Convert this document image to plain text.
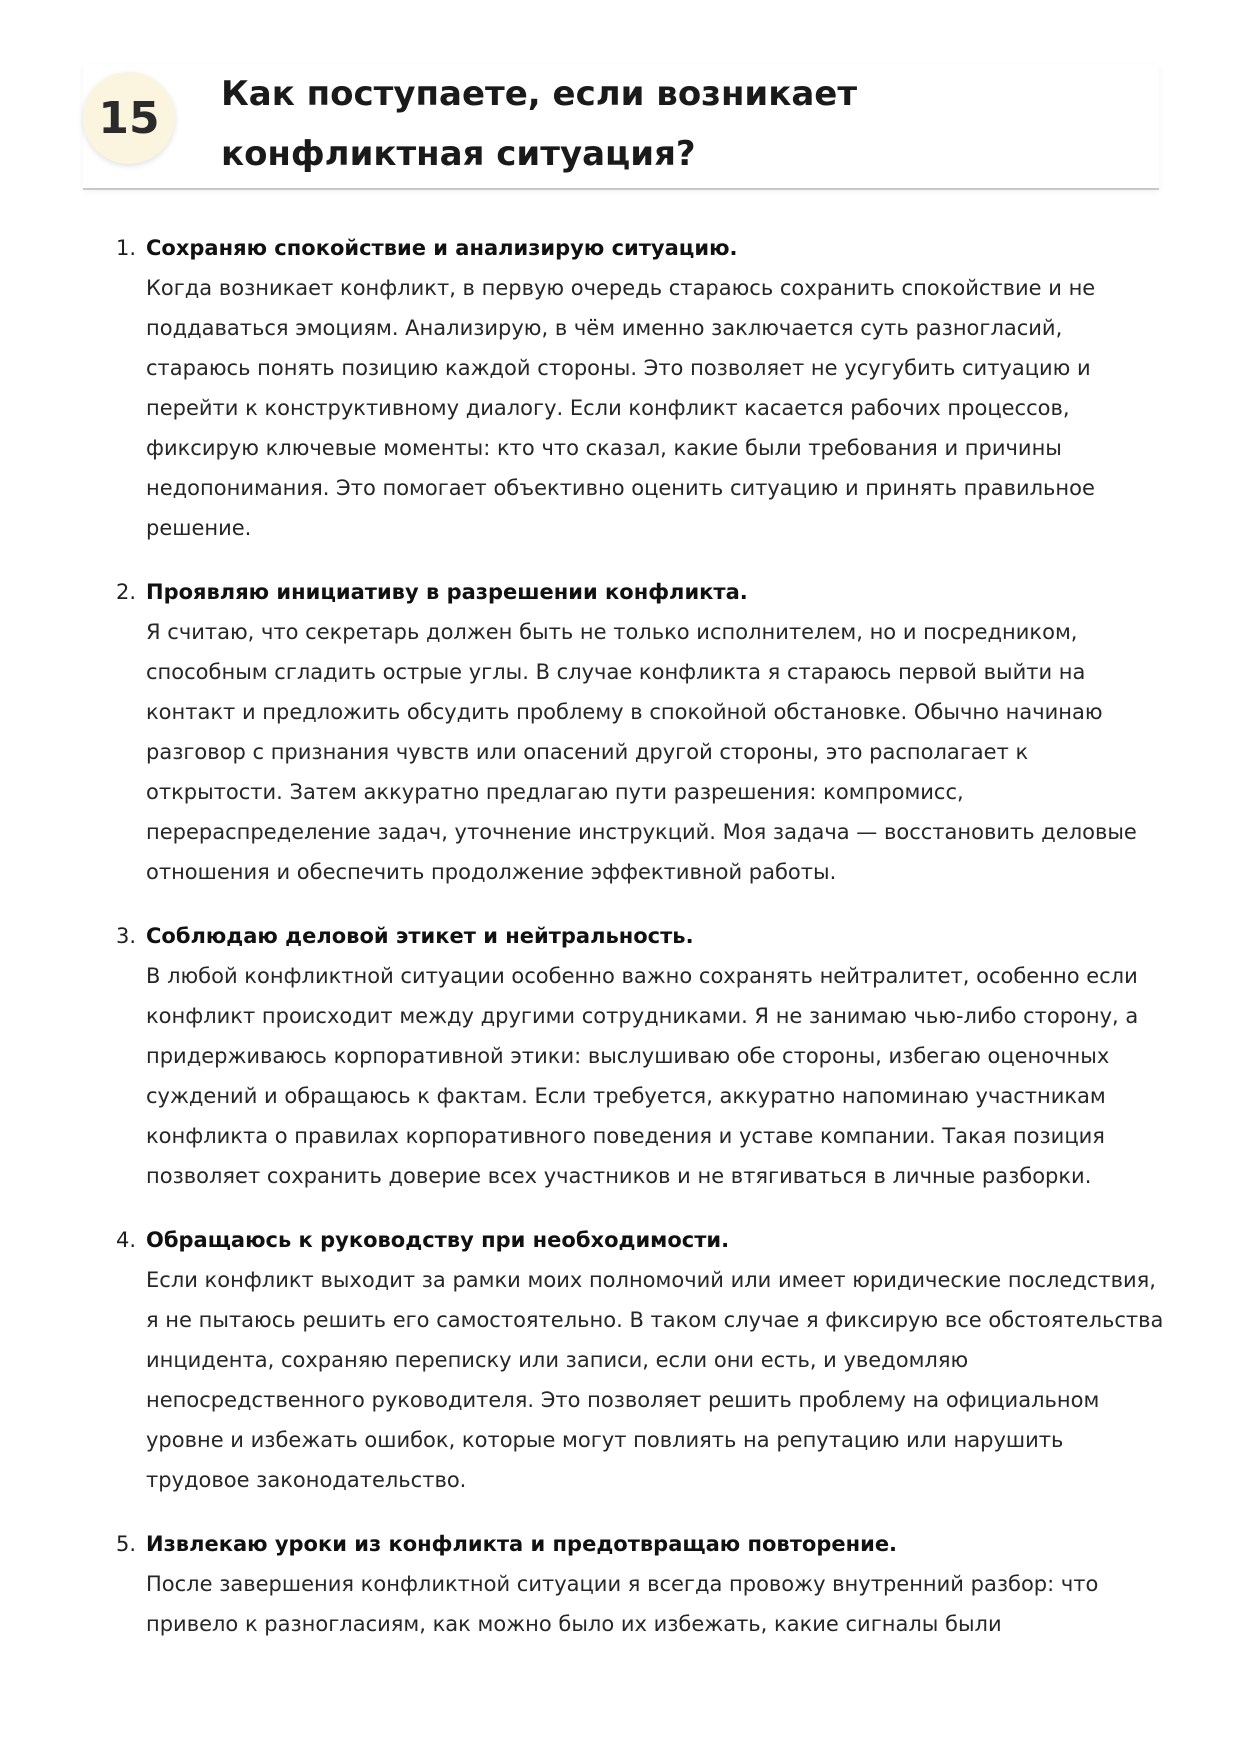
15	Как поступаете, если возникает конфликтная ситуация?
1. Сохраняю спокойствие и анализирую ситуацию.
Когда возникает конфликт, в первую очередь стараюсь сохранить спокойствие и не поддаваться эмоциям. Анализирую, в чём именно заключается суть разногласий, стараюсь понять позицию каждой стороны. Это позволяет не усугубить ситуацию и перейти к конструктивному диалогу. Если конфликт касается рабочих процессов, фиксирую ключевые моменты: кто что сказал, какие были требования и причины недопонимания. Это помогает объективно оценить ситуацию и принять правильное решение.
2. Проявляю инициативу в разрешении конфликта.
Я считаю, что секретарь должен быть не только исполнителем, но и посредником, способным сгладить острые углы. В случае конфликта я стараюсь первой выйти на контакт и предложить обсудить проблему в спокойной обстановке. Обычно начинаю разговор с признания чувств или опасений другой стороны, это располагает к открытости. Затем аккуратно предлагаю пути разрешения: компромисс, перераспределение задач, уточнение инструкций. Моя задача — восстановить деловые отношения и обеспечить продолжение эффективной работы.
3. Соблюдаю деловой этикет и нейтральность.
В любой конфликтной ситуации особенно важно сохранять нейтралитет, особенно если конфликт происходит между другими сотрудниками. Я не занимаю чью-либо сторону, а придерживаюсь корпоративной этики: выслушиваю обе стороны, избегаю оценочных суждений и обращаюсь к фактам. Если требуется, аккуратно напоминаю участникам конфликта о правилах корпоративного поведения и уставе компании. Такая позиция позволяет сохранить доверие всех участников и не втягиваться в личные разборки.
4. Обращаюсь к руководству при необходимости.
Если конфликт выходит за рамки моих полномочий или имеет юридические последствия, я не пытаюсь решить его самостоятельно. В таком случае я фиксирую все обстоятельства инцидента, сохраняю переписку или записи, если они есть, и уведомляю непосредственного руководителя. Это позволяет решить проблему на официальном уровне и избежать ошибок, которые могут повлиять на репутацию или нарушить трудовое законодательство.
5. Извлекаю уроки из конфликта и предотвращаю повторение.
После завершения конфликтной ситуации я всегда провожу внутренний разбор: что привело к разногласиям, как можно было их избежать, какие сигналы были
